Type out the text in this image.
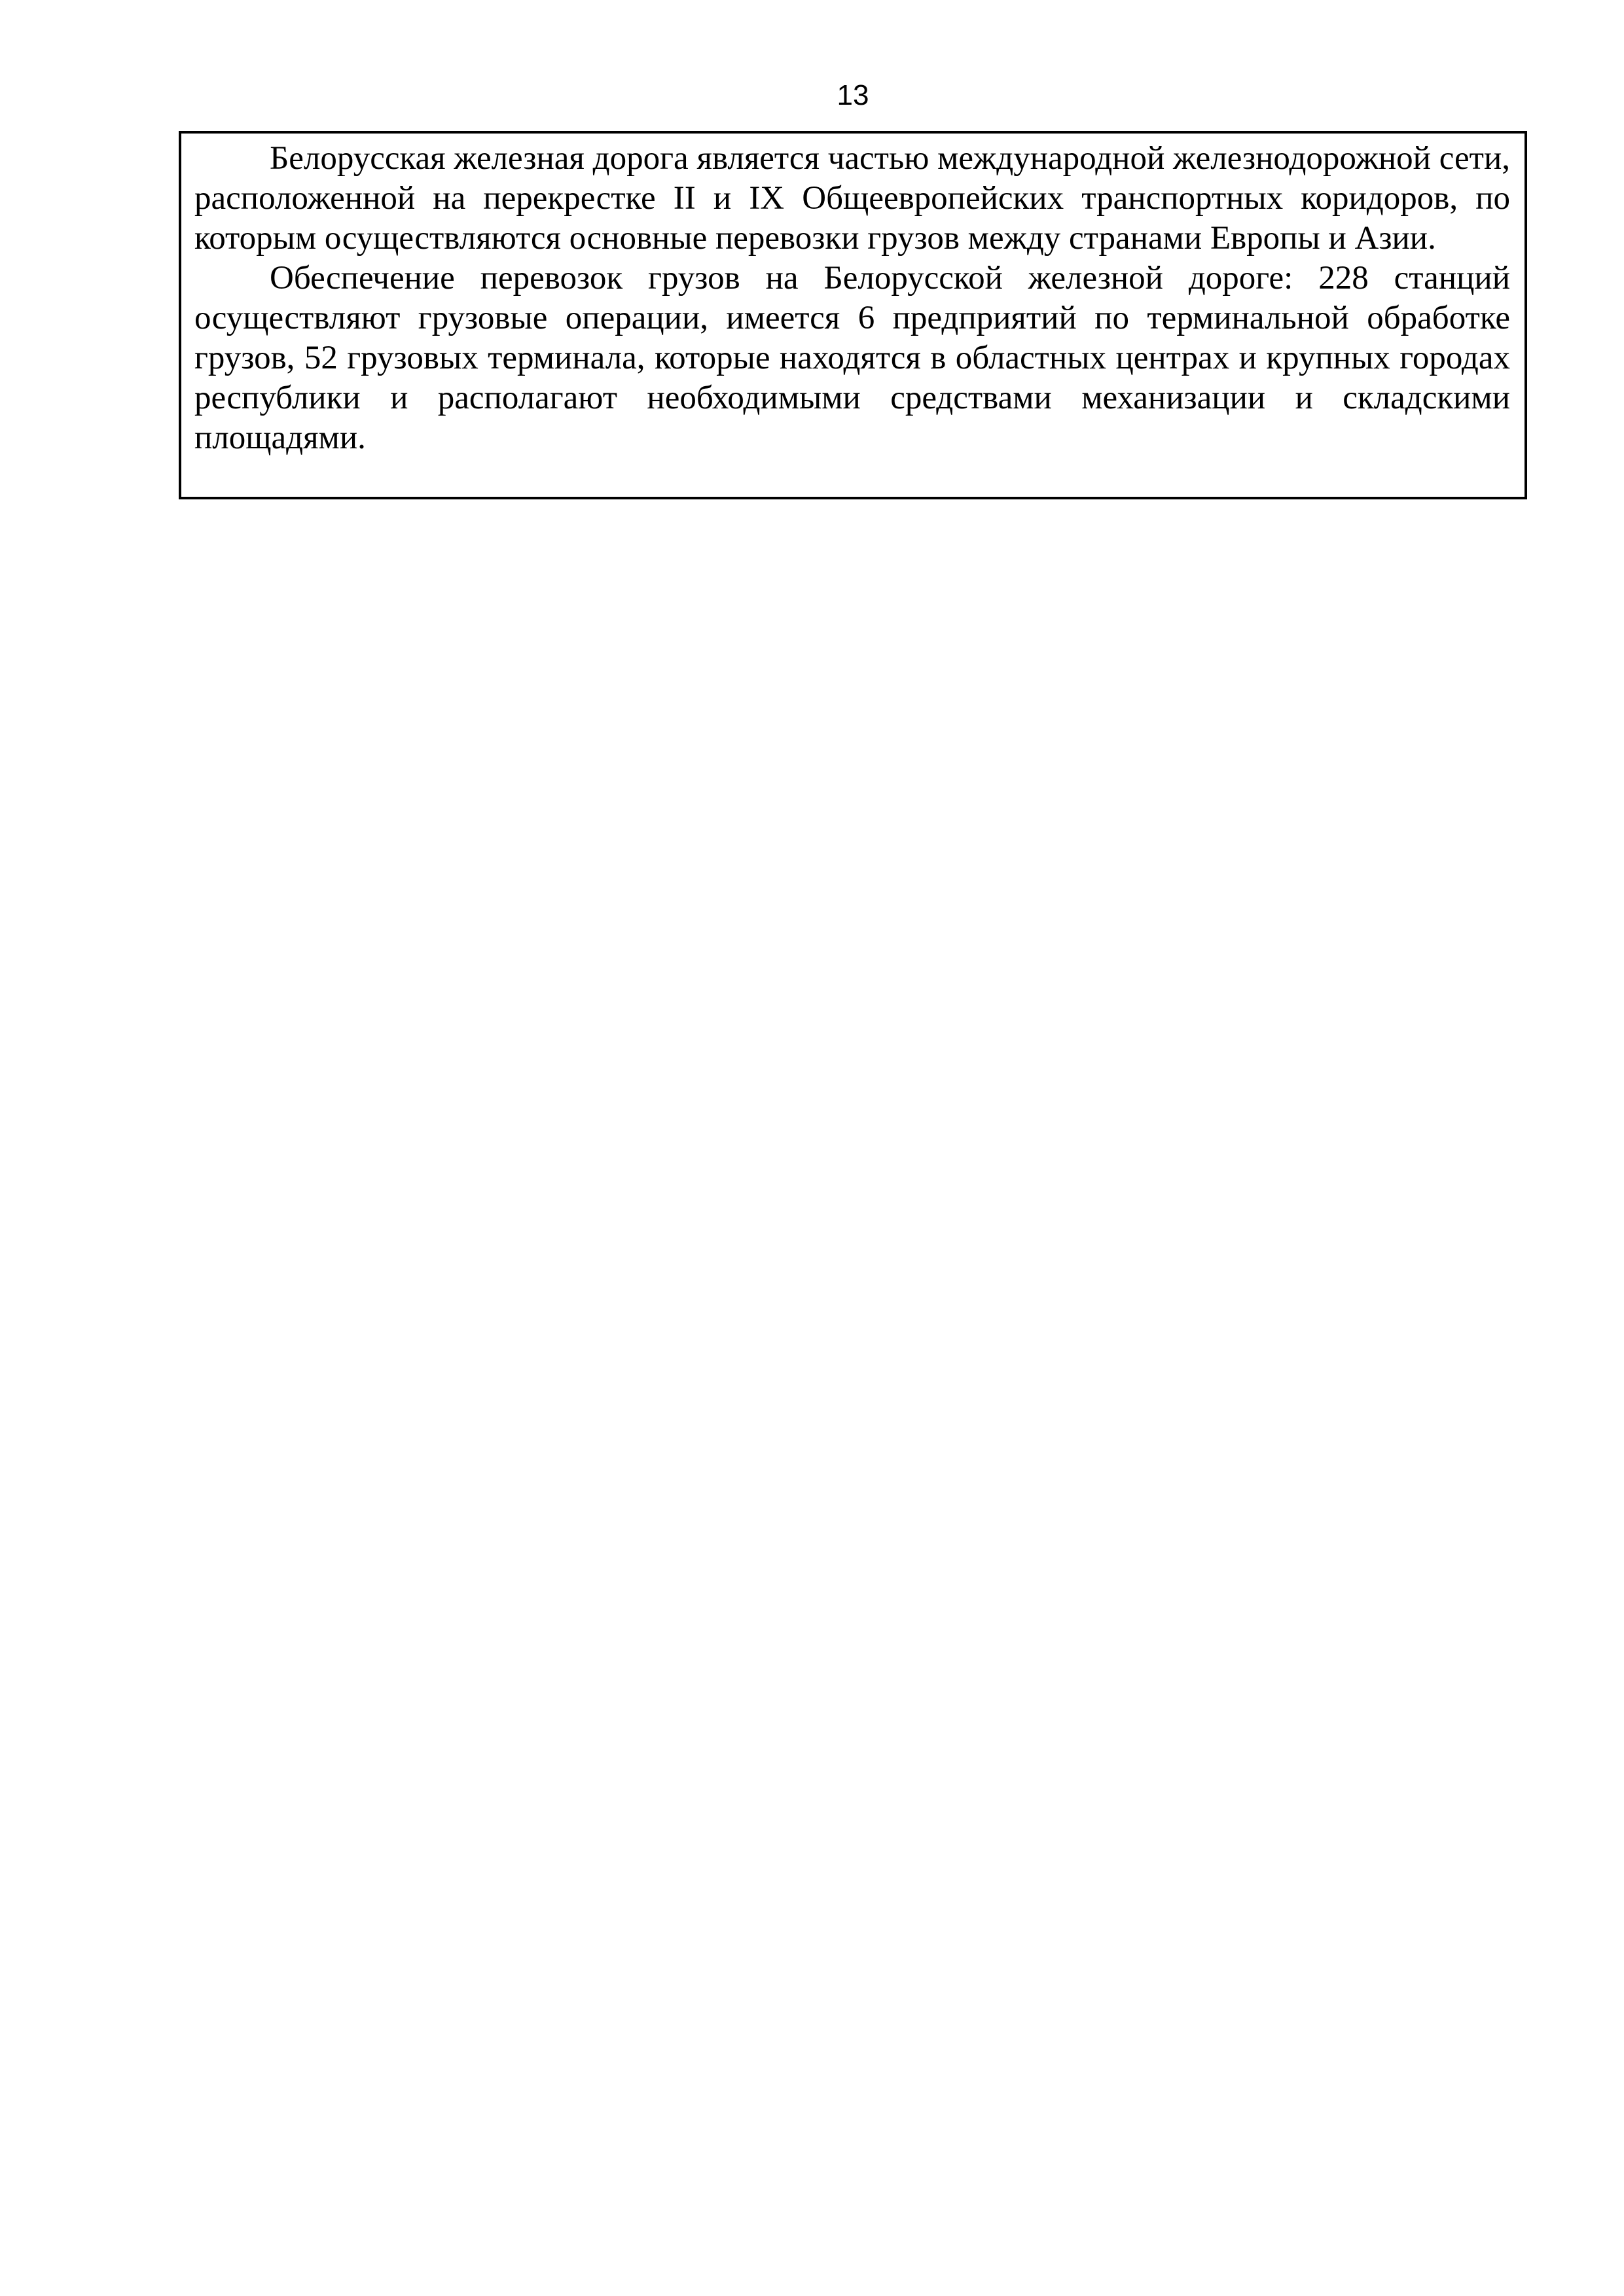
13

Белорусская железная дорога является частью международной железнодорожной сети, расположенной на перекрестке II и IX Общеевропейских транспортных коридоров, по которым осуществляются основные перевозки грузов между странами Европы и Азии.

Обеспечение перевозок грузов на Белорусской железной дороге: 228 станций осуществляют грузовые операции, имеется 6 предприятий по терминальной обработке грузов, 52 грузовых терминала, которые находятся в областных центрах и крупных городах республики и располагают необходимыми средствами механизации и складскими площадями.
